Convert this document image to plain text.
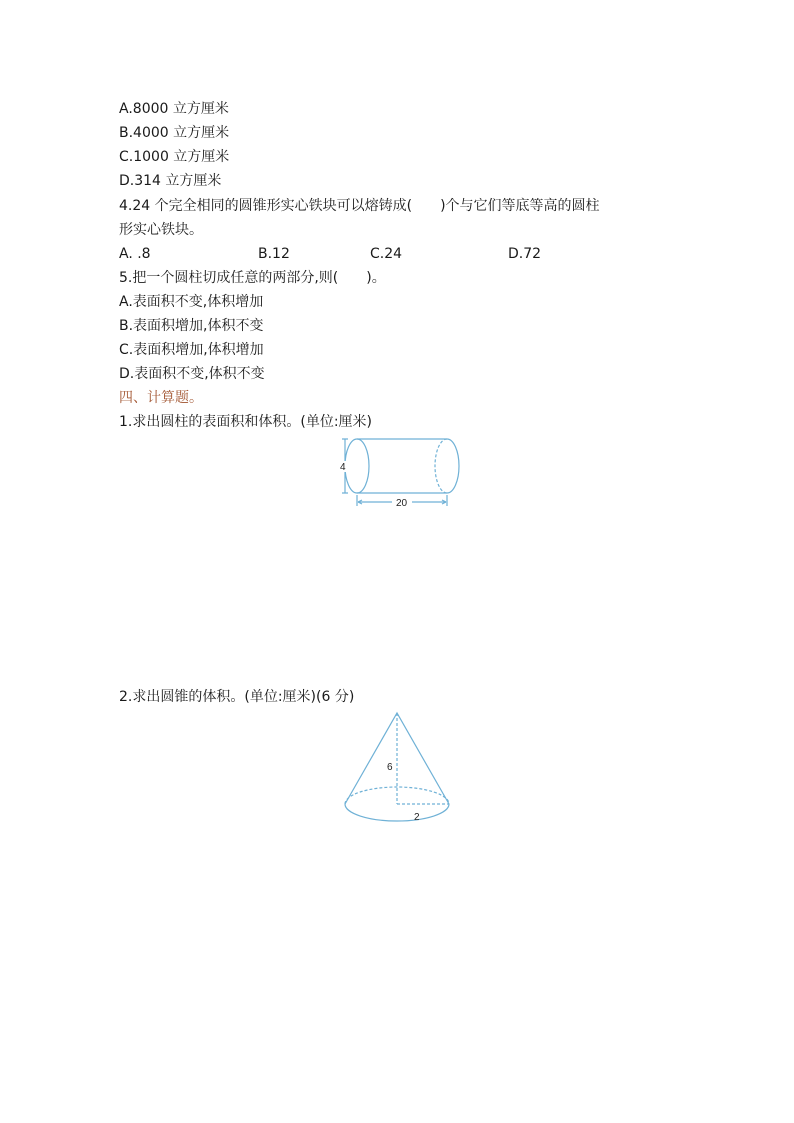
A.8000 立方厘米
B.4000 立方厘米
C.1000 立方厘米
D.314 立方厘米
4.24 个完全相同的圆锥形实心铁块可以熔铸成(　　)个与它们等底等高的圆柱
形实心铁块。
A. .8	B.12	C.24	D.72
5.把一个圆柱切成任意的两部分,则(　　)。
A.表面积不变,体积增加
B.表面积增加,体积不变
C.表面积增加,体积增加
D.表面积不变,体积不变
四、计算题。
1.求出圆柱的表面积和体积。(单位:厘米)
4
20
2.求出圆锥的体积。(单位:厘米)(6 分)
6
2
